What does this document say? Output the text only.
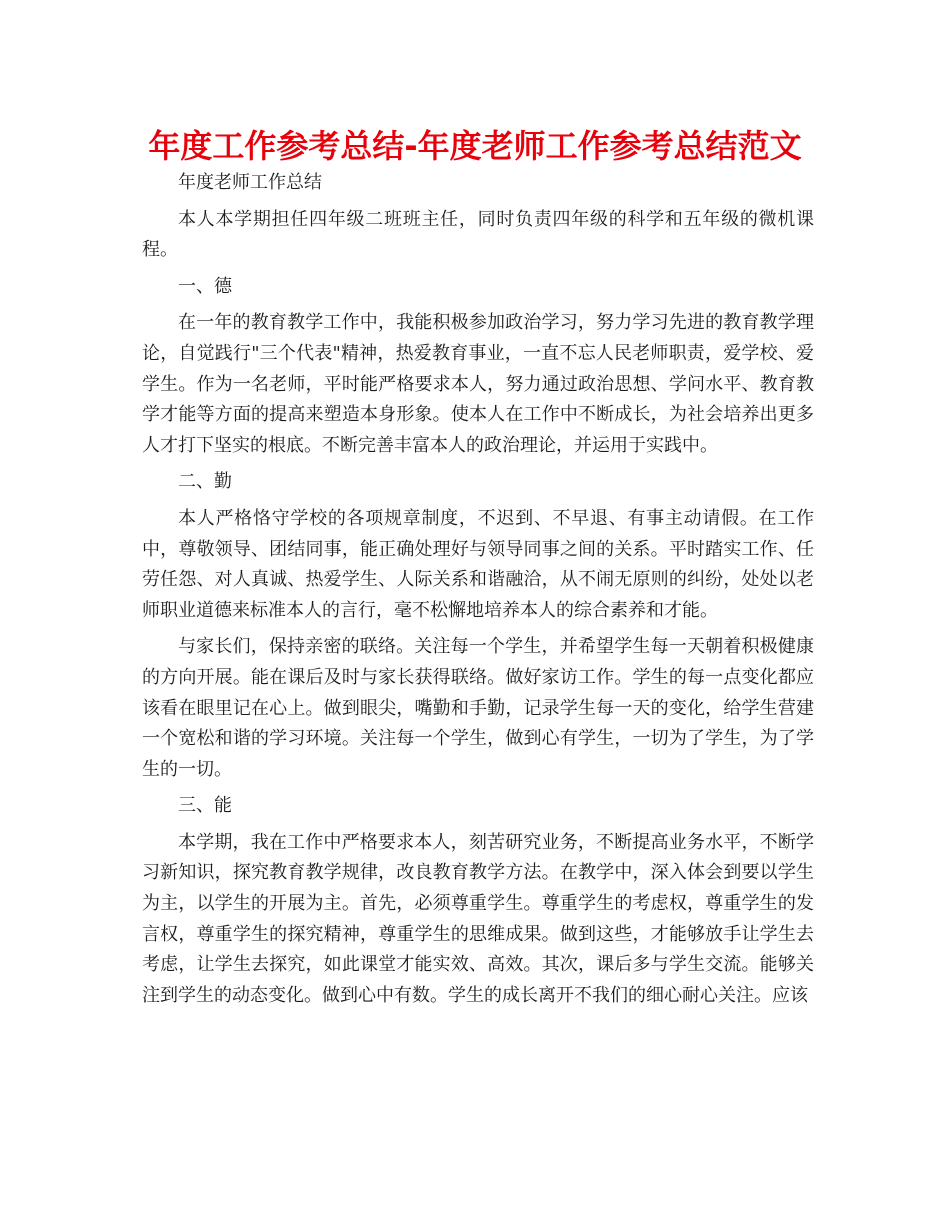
年度工作参考总结-年度老师工作参考总结范文

年度老师工作总结

本人本学期担任四年级二班班主任，同时负责四年级的科学和五年级的微机课程。

一、德

在一年的教育教学工作中，我能积极参加政治学习，努力学习先进的教育教学理论，自觉践行"三个代表"精神，热爱教育事业，一直不忘人民老师职责，爱学校、爱学生。作为一名老师，平时能严格要求本人，努力通过政治思想、学问水平、教育教学才能等方面的提高来塑造本身形象。使本人在工作中不断成长，为社会培养出更多人才打下坚实的根底。不断完善丰富本人的政治理论，并运用于实践中。

二、勤

本人严格恪守学校的各项规章制度，不迟到、不早退、有事主动请假。在工作中，尊敬领导、团结同事，能正确处理好与领导同事之间的关系。平时踏实工作、任劳任怨、对人真诚、热爱学生、人际关系和谐融洽，从不闹无原则的纠纷，处处以老师职业道德来标准本人的言行，毫不松懈地培养本人的综合素养和才能。

与家长们，保持亲密的联络。关注每一个学生，并希望学生每一天朝着积极健康的方向开展。能在课后及时与家长获得联络。做好家访工作。学生的每一点变化都应该看在眼里记在心上。做到眼尖，嘴勤和手勤，记录学生每一天的变化，给学生营建一个宽松和谐的学习环境。关注每一个学生，做到心有学生，一切为了学生，为了学生的一切。

三、能

本学期，我在工作中严格要求本人，刻苦研究业务，不断提高业务水平，不断学习新知识，探究教育教学规律，改良教育教学方法。在教学中，深入体会到要以学生为主，以学生的开展为主。首先，必须尊重学生。尊重学生的考虑权，尊重学生的发言权，尊重学生的探究精神，尊重学生的思维成果。做到这些，才能够放手让学生去考虑，让学生去探究，如此课堂才能实效、高效。其次，课后多与学生交流。能够关注到学生的动态变化。做到心中有数。学生的成长离开不我们的细心耐心关注。应该
